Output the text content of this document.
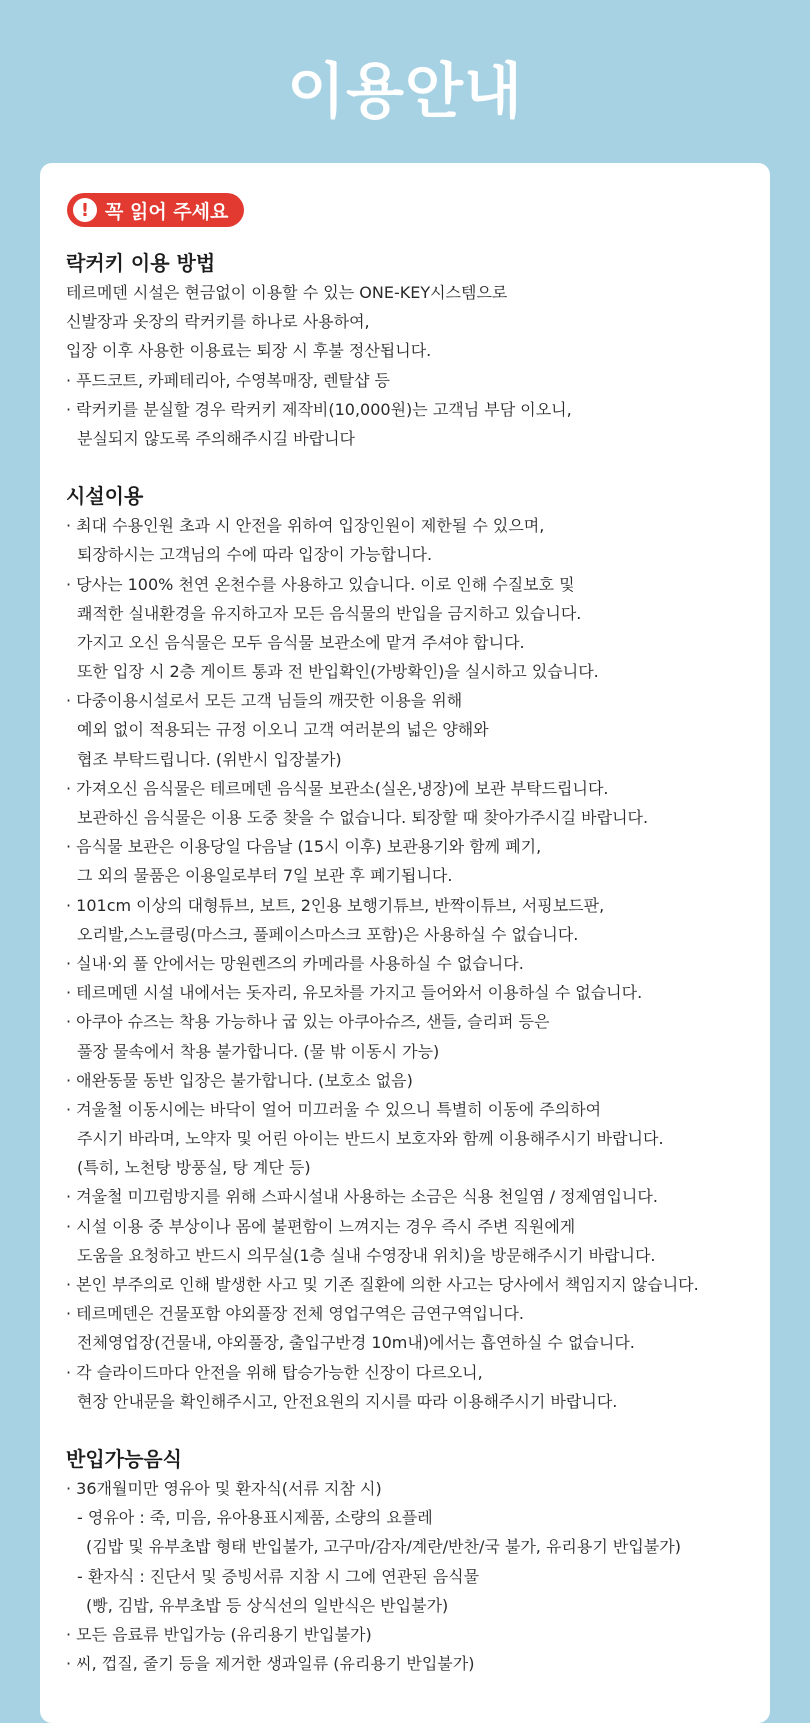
이용안내
! 꼭 읽어 주세요
락커키 이용 방법
테르메덴 시설은 현금없이 이용할 수 있는 ONE-KEY시스템으로
신발장과 옷장의 락커키를 하나로 사용하여,
입장 이후 사용한 이용료는 퇴장 시 후불 정산됩니다.
· 푸드코트, 카페테리아, 수영복매장, 렌탈샵 등
· 락커키를 분실할 경우 락커키 제작비(10,000원)는 고객님 부담 이오니,
분실되지 않도록 주의해주시길 바랍니다
시설이용
· 최대 수용인원 초과 시 안전을 위하여 입장인원이 제한될 수 있으며,
퇴장하시는 고객님의 수에 따라 입장이 가능합니다.
· 당사는 100% 천연 온천수를 사용하고 있습니다. 이로 인해 수질보호 및
쾌적한 실내환경을 유지하고자 모든 음식물의 반입을 금지하고 있습니다.
가지고 오신 음식물은 모두 음식물 보관소에 맡겨 주셔야 합니다.
또한 입장 시 2층 게이트 통과 전 반입확인(가방확인)을 실시하고 있습니다.
· 다중이용시설로서 모든 고객 님들의 깨끗한 이용을 위해
예외 없이 적용되는 규정 이오니 고객 여러분의 넓은 양해와
협조 부탁드립니다. (위반시 입장불가)
· 가져오신 음식물은 테르메덴 음식물 보관소(실온,냉장)에 보관 부탁드립니다.
보관하신 음식물은 이용 도중 찾을 수 없습니다. 퇴장할 때 찾아가주시길 바랍니다.
· 음식물 보관은 이용당일 다음날 (15시 이후) 보관용기와 함께 폐기,
그 외의 물품은 이용일로부터 7일 보관 후 폐기됩니다.
· 101cm 이상의 대형튜브, 보트, 2인용 보행기튜브, 반짝이튜브, 서핑보드판,
오리발,스노클링(마스크, 풀페이스마스크 포함)은 사용하실 수 없습니다.
· 실내·외 풀 안에서는 망원렌즈의 카메라를 사용하실 수 없습니다.
· 테르메덴 시설 내에서는 돗자리, 유모차를 가지고 들어와서 이용하실 수 없습니다.
· 아쿠아 슈즈는 착용 가능하나 굽 있는 아쿠아슈즈, 샌들, 슬리퍼 등은
풀장 물속에서 착용 불가합니다. (물 밖 이동시 가능)
· 애완동물 동반 입장은 불가합니다. (보호소 없음)
· 겨울철 이동시에는 바닥이 얼어 미끄러울 수 있으니 특별히 이동에 주의하여
주시기 바라며, 노약자 및 어린 아이는 반드시 보호자와 함께 이용해주시기 바랍니다.
(특히, 노천탕 방풍실, 탕 계단 등)
· 겨울철 미끄럼방지를 위해 스파시설내 사용하는 소금은 식용 천일염 / 정제염입니다.
· 시설 이용 중 부상이나 몸에 불편함이 느껴지는 경우 즉시 주변 직원에게
도움을 요청하고 반드시 의무실(1층 실내 수영장내 위치)을 방문해주시기 바랍니다.
· 본인 부주의로 인해 발생한 사고 및 기존 질환에 의한 사고는 당사에서 책임지지 않습니다.
· 테르메덴은 건물포함 야외풀장 전체 영업구역은 금연구역입니다.
전체영업장(건물내, 야외풀장, 출입구반경 10m내)에서는 흡연하실 수 없습니다.
· 각 슬라이드마다 안전을 위해 탑승가능한 신장이 다르오니,
현장 안내문을 확인해주시고, 안전요원의 지시를 따라 이용해주시기 바랍니다.
반입가능음식
· 36개월미만 영유아 및 환자식(서류 지참 시)
- 영유아 : 죽, 미음, 유아용표시제품, 소량의 요플레
(김밥 및 유부초밥 형태 반입불가, 고구마/감자/계란/반찬/국 불가, 유리용기 반입불가)
- 환자식 : 진단서 및 증빙서류 지참 시 그에 연관된 음식물
(빵, 김밥, 유부초밥 등 상식선의 일반식은 반입불가)
· 모든 음료류 반입가능 (유리용기 반입불가)
· 씨, 껍질, 줄기 등을 제거한 생과일류 (유리용기 반입불가)
